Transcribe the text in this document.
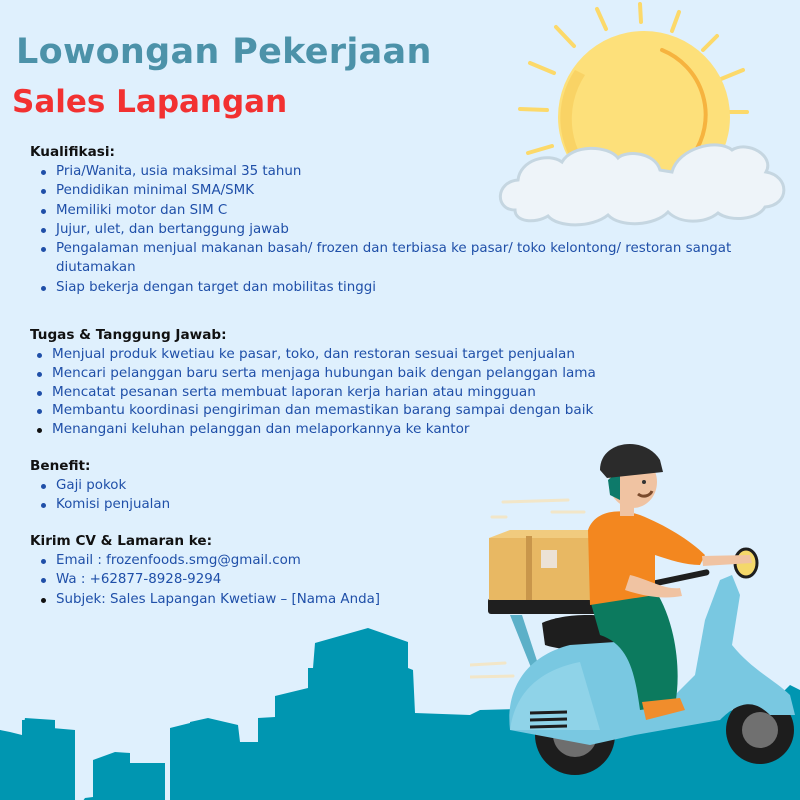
Lowongan Pekerjaan
Sales Lapangan

Kualifikasi:

Pria/Wanita, usia maksimal 35 tahun
Pendidikan minimal SMA/SMK
Memiliki motor dan SIM C
Jujur, ulet, dan bertanggung jawab
Pengalaman menjual makanan basah/ frozen dan terbiasa ke pasar/ toko kelontong/ restoran sangat diutamakan
Siap bekerja dengan target dan mobilitas tinggi

Tugas & Tanggung Jawab:

Menjual produk kwetiau ke pasar, toko, dan restoran sesuai target penjualan
Mencari pelanggan baru serta menjaga hubungan baik dengan pelanggan lama
Mencatat pesanan serta membuat laporan kerja harian atau mingguan
Membantu koordinasi pengiriman dan memastikan barang sampai dengan baik
Menangani keluhan pelanggan dan melaporkannya ke kantor

Benefit:

Gaji pokok
Komisi penjualan

Kirim CV & Lamaran ke:

Email : frozenfoods.smg@gmail.com
Wa : +62877-8928-9294
Subjek: Sales Lapangan Kwetiaw – [Nama Anda]
